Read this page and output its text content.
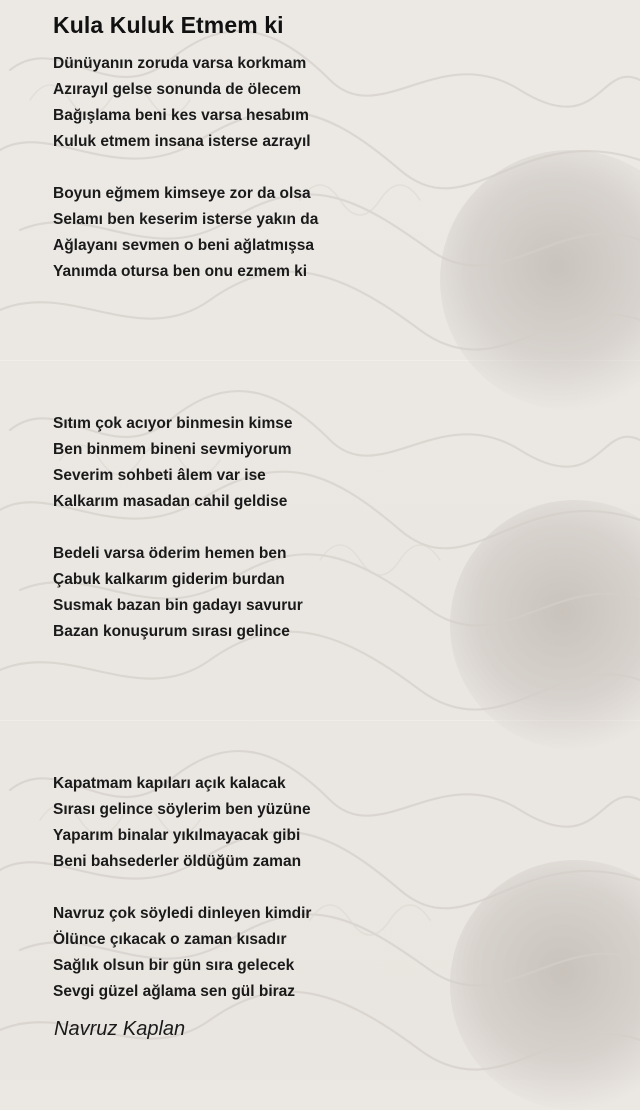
Kula Kuluk Etmem ki
Dünüyanın zoruda varsa korkmam
Azırayıl gelse sonunda de ölecem
Bağışlama beni kes varsa hesabım
Kuluk etmem insana isterse azrayıl
Boyun eğmem kimseye zor da olsa
Selamı ben keserim isterse yakın da
Ağlayanı sevmen o beni ağlatmışsa
Yanımda otursa ben onu ezmem ki
Sıtım çok acıyor binmesin kimse
Ben binmem bineni sevmiyorum
Severim sohbeti âlem var ise
Kalkarım masadan cahil geldise
Bedeli varsa öderim hemen ben
Çabuk kalkarım giderim burdan
Susmak bazan bin gadayı savurur
Bazan konuşurum sırası gelince
Kapatmam kapıları açık kalacak
Sırası gelince söylerim ben yüzüne
Yaparım binalar yıkılmayacak gibi
Beni bahsederler öldüğüm zaman
Navruz çok söyledi dinleyen kimdir
Ölünce çıkacak o zaman kısadır
Sağlık olsun bir gün sıra gelecek
Sevgi güzel ağlama sen gül biraz
Navruz Kaplan
